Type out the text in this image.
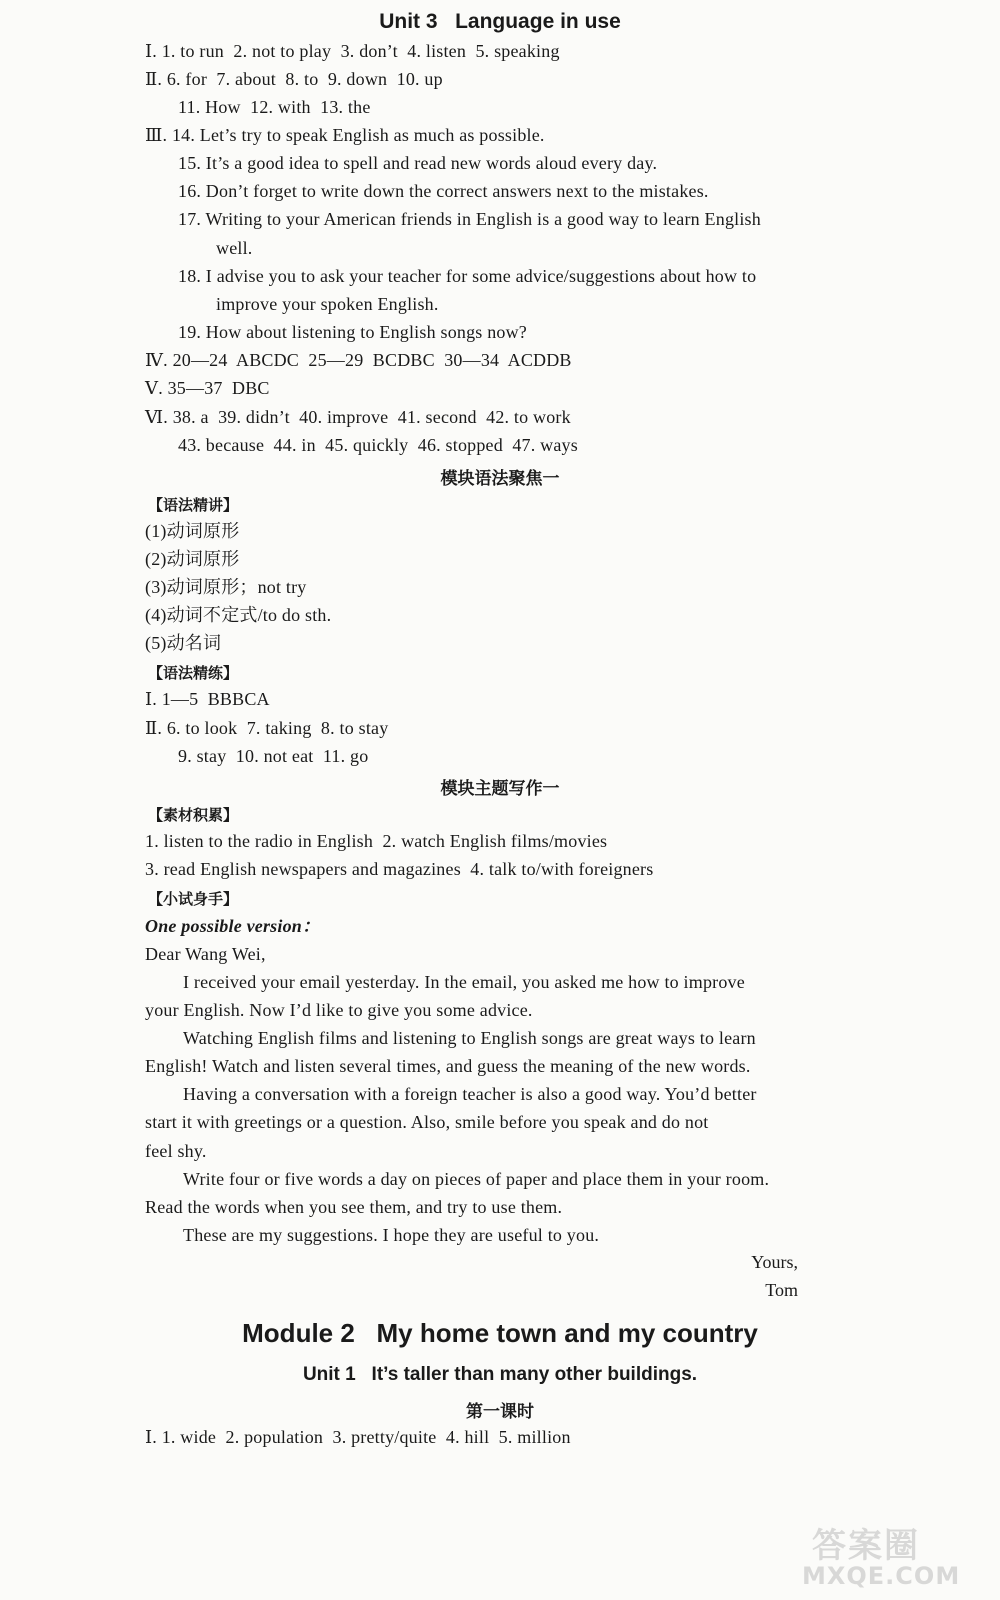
Unit 3   Language in use
Ⅰ. 1. to run  2. not to play  3. don’t  4. listen  5. speaking
Ⅱ. 6. for  7. about  8. to  9. down  10. up
11. How  12. with  13. the
Ⅲ. 14. Let’s try to speak English as much as possible.
15. It’s a good idea to spell and read new words aloud every day.
16. Don’t forget to write down the correct answers next to the mistakes.
17. Writing to your American friends in English is a good way to learn English
well.
18. I advise you to ask your teacher for some advice/suggestions about how to
improve your spoken English.
19. How about listening to English songs now?
Ⅳ. 20—24  ABCDC  25—29  BCDBC  30—34  ACDDB
Ⅴ. 35—37  DBC
Ⅵ. 38. a  39. didn’t  40. improve  41. second  42. to work
43. because  44. in  45. quickly  46. stopped  47. ways
模块语法聚焦一
【语法精讲】
(1)动词原形
(2)动词原形
(3)动词原形；not try
(4)动词不定式/to do sth.
(5)动名词
【语法精练】
Ⅰ. 1—5  BBBCA
Ⅱ. 6. to look  7. taking  8. to stay
9. stay  10. not eat  11. go
模块主题写作一
【素材积累】
1. listen to the radio in English  2. watch English films/movies
3. read English newspapers and magazines  4. talk to/with foreigners
【小试身手】
One possible version：
Dear Wang Wei,
I received your email yesterday. In the email, you asked me how to improve
your English. Now I’d like to give you some advice.
Watching English films and listening to English songs are great ways to learn
English! Watch and listen several times, and guess the meaning of the new words.
Having a conversation with a foreign teacher is also a good way. You’d better
start it with greetings or a question. Also, smile before you speak and do not
feel shy.
Write four or five words a day on pieces of paper and place them in your room.
Read the words when you see them, and try to use them.
These are my suggestions. I hope they are useful to you.
Yours,
Tom
Module 2   My home town and my country
Unit 1   It’s taller than many other buildings.
第一课时
Ⅰ. 1. wide  2. population  3. pretty/quite  4. hill  5. million
答案圈
MXQE.COM
